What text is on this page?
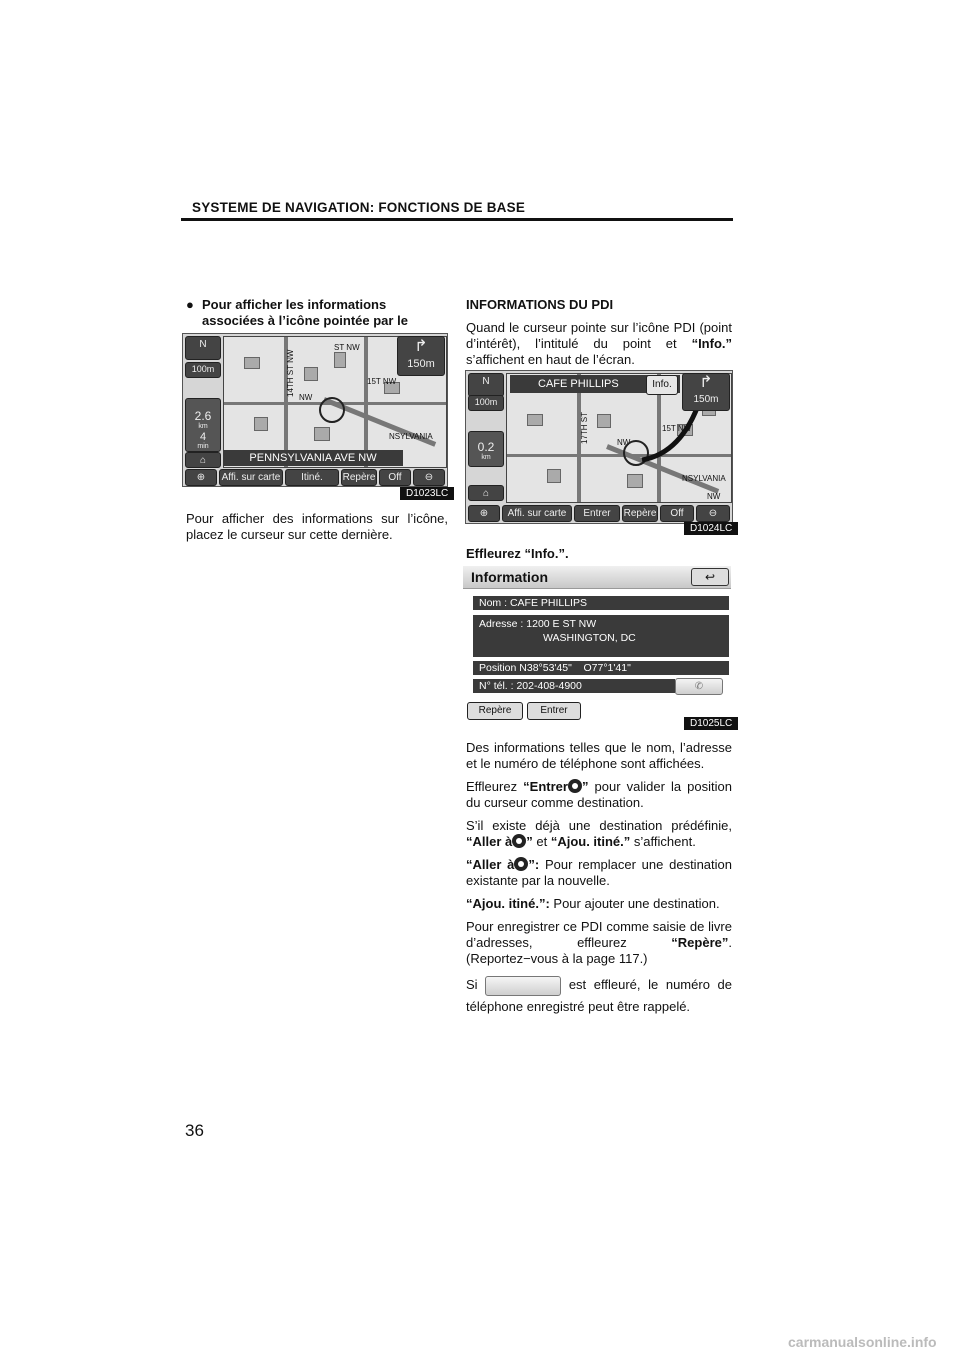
SYSTEME DE NAVIGATION: FONCTIONS DE BASE

● Pour afficher les informations associées à l’icône pointée par le

14TH ST NW
ST NW
15T NW
NW
NSYLVANIA
N
100m
2.6
km
4
min
↱
150m
⌂	PENNSYLVANIA AVE NW
⊕	Affi. sur carte	Itiné.	Repère	Off	⊖
D1023LC

Pour afficher des informations sur l’icône, placez le curseur sur cette dernière.

INFORMATIONS DU PDI

Quand le curseur pointe sur l’icône PDI (point d’intérêt), l’intitulé du point et “Info.” s’affichent en haut de l’écran.

17TH ST	15T NW
NW
NSYLVANIA
NW
CAFE PHILLIPS	Info.
N
100m
0.2
km
↱
150m
⌂
⊕	Affi. sur carte	Entrer	Repère	Off	⊖
D1024LC

Effleurez “Info.”.

Information	↩
Nom : CAFE PHILLIPS
Adresse : 1200 E ST NW
WASHINGTON, DC
Position N38°53'45" O77°1'41"
N° tél. : 202-408-4900	✆
Repère	Entrer
D1025LC

Des informations telles que le nom, l’adresse et le numéro de téléphone sont affichées.

Effleurez “Entrer ” pour valider la position du curseur comme destination.

S’il existe déjà une destination prédéfinie, “Aller à ” et “Ajou. itiné.” s’affichent.

“Aller à ”: Pour remplacer une destination existante par la nouvelle.

“Ajou. itiné.”: Pour ajouter une destination.

Pour enregistrer ce PDI comme saisie de livre d’adresses, effleurez “Repère”. (Reportez−vous à la page 117.)

Si	est effleuré, le numéro de téléphone enregistré peut être rappelé.

36
carmanualsonline.info
